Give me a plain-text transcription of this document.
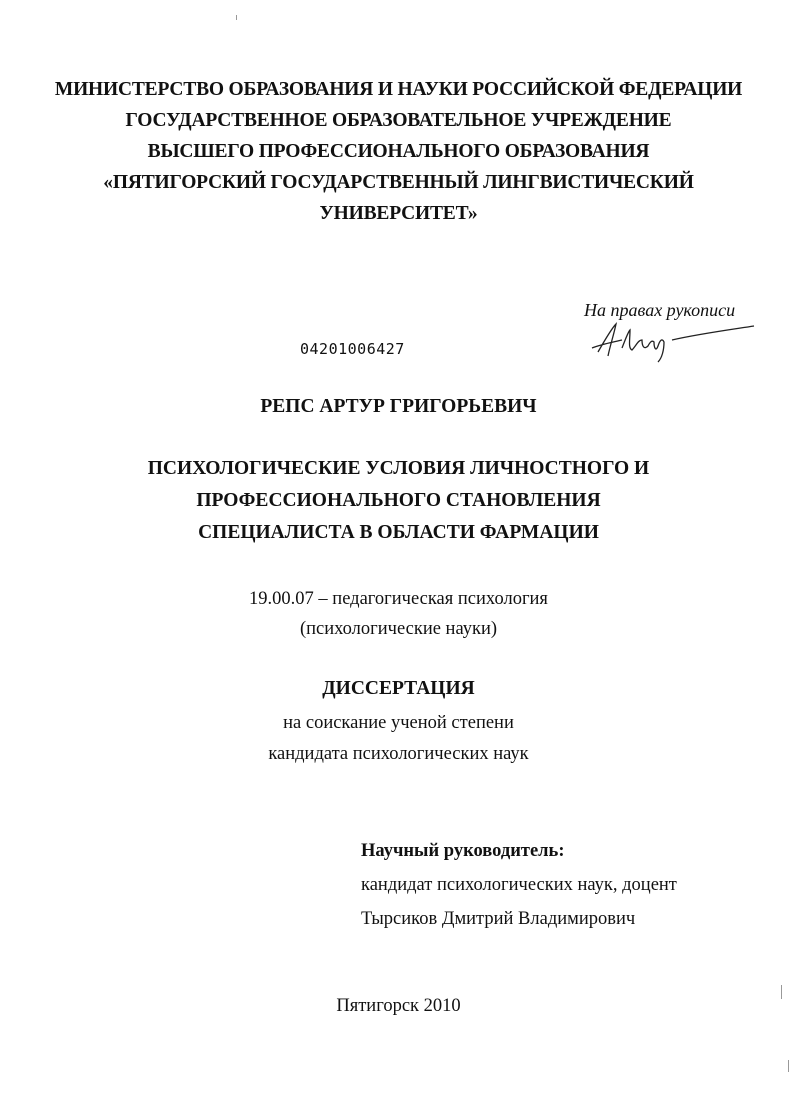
МИНИСТЕРСТВО ОБРАЗОВАНИЯ И НАУКИ РОССИЙСКОЙ ФЕДЕРАЦИИ
ГОСУДАРСТВЕННОЕ ОБРАЗОВАТЕЛЬНОЕ УЧРЕЖДЕНИЕ
ВЫСШЕГО ПРОФЕССИОНАЛЬНОГО ОБРАЗОВАНИЯ
«ПЯТИГОРСКИЙ ГОСУДАРСТВЕННЫЙ ЛИНГВИСТИЧЕСКИЙ
УНИВЕРСИТЕТ»
На правах рукописи
04201006427
РЕПС АРТУР ГРИГОРЬЕВИЧ
ПСИХОЛОГИЧЕСКИЕ УСЛОВИЯ ЛИЧНОСТНОГО И
ПРОФЕССИОНАЛЬНОГО СТАНОВЛЕНИЯ
СПЕЦИАЛИСТА В ОБЛАСТИ ФАРМАЦИИ
19.00.07 – педагогическая психология
(психологические науки)
ДИССЕРТАЦИЯ
на соискание ученой степени
кандидата психологических наук
Научный руководитель:
кандидат психологических наук, доцент
Тырсиков Дмитрий Владимирович
Пятигорск 2010
